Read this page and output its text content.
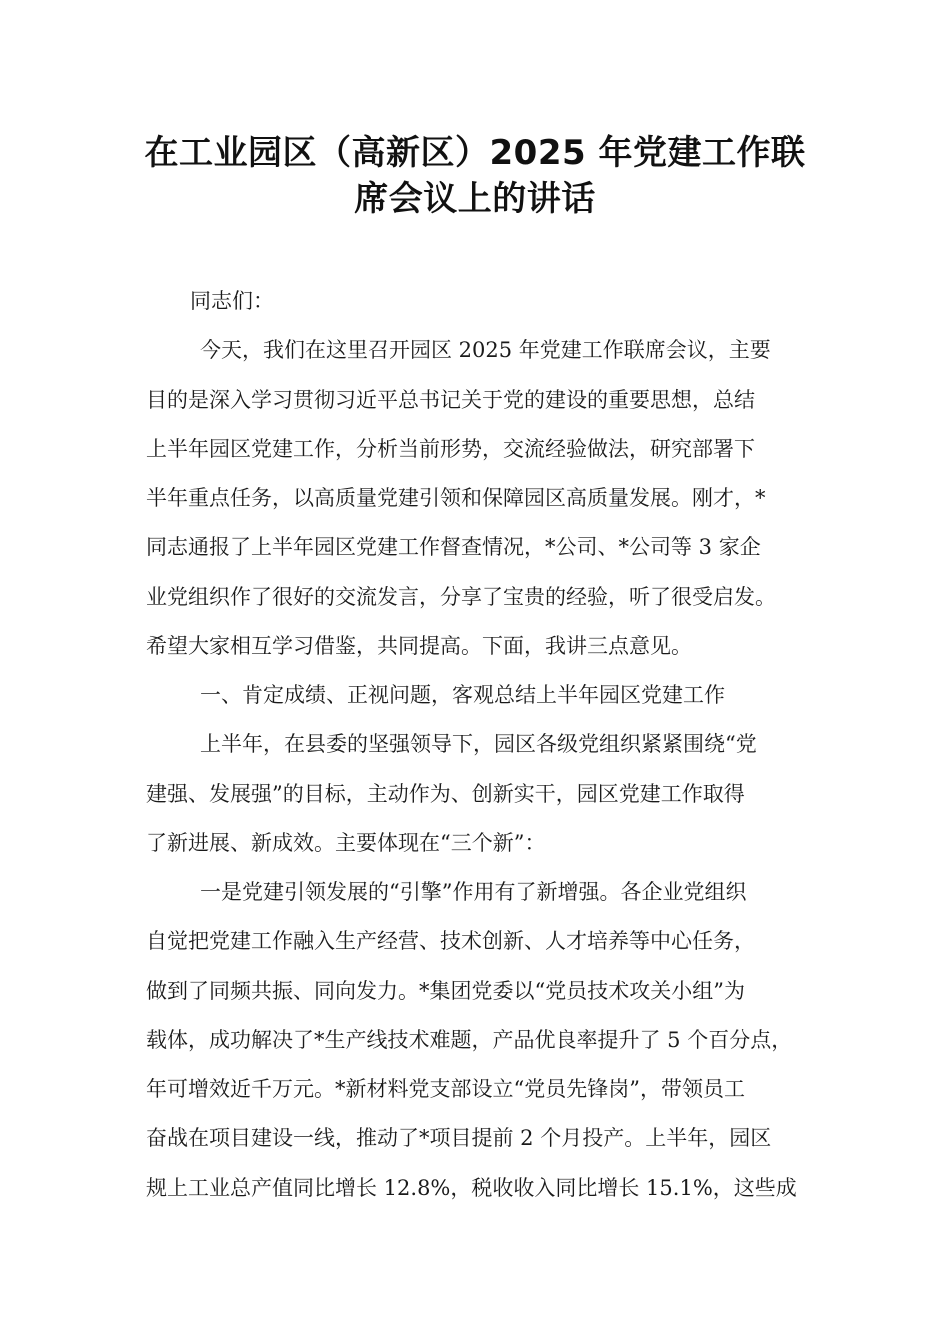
在工业园区（高新区）2025 年党建工作联
席会议上的讲话
同志们：
今天，我们在这里召开园区 2025 年党建工作联席会议，主要
目的是深入学习贯彻习近平总书记关于党的建设的重要思想，总结
上半年园区党建工作，分析当前形势，交流经验做法，研究部署下
半年重点任务，以高质量党建引领和保障园区高质量发展。刚才，*
同志通报了上半年园区党建工作督查情况，*公司、*公司等 3 家企
业党组织作了很好的交流发言，分享了宝贵的经验，听了很受启发。
希望大家相互学习借鉴，共同提高。下面，我讲三点意见。
一、肯定成绩、正视问题，客观总结上半年园区党建工作
上半年，在县委的坚强领导下，园区各级党组织紧紧围绕“党
建强、发展强”的目标，主动作为、创新实干，园区党建工作取得
了新进展、新成效。主要体现在“三个新”：
一是党建引领发展的“引擎”作用有了新增强。各企业党组织
自觉把党建工作融入生产经营、技术创新、人才培养等中心任务，
做到了同频共振、同向发力。*集团党委以“党员技术攻关小组”为
载体，成功解决了*生产线技术难题，产品优良率提升了 5 个百分点，
年可增效近千万元。*新材料党支部设立“党员先锋岗”，带领员工
奋战在项目建设一线，推动了*项目提前 2 个月投产。上半年，园区
规上工业总产值同比增长 12.8%，税收收入同比增长 15.1%，这些成
